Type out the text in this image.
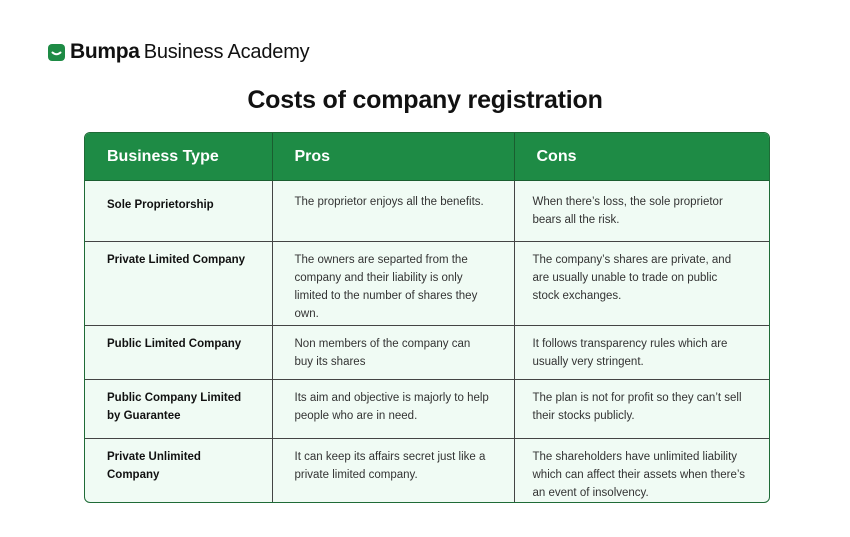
Bumpa Business Academy
Costs of company registration
Business Type	Pros	Cons
Sole Proprietorship	The proprietor enjoys all the benefits.	When there’s loss, the sole proprietor bears all the risk.
Private Limited Company	The owners are separted from the company and their liability is only limited to the number of shares they own.	The company’s shares are private, and are usually unable to trade on public stock exchanges.
Public Limited Company	Non members of the company can buy its shares	It follows transparency rules which are usually very stringent.
Public Company Limited by Guarantee	Its aim and objective is majorly to help people who are in need.	The plan is not for profit so they can’t sell their stocks publicly.
Private Unlimited Company	It can keep its affairs secret just like a private limited company.	The shareholders have unlimited liability which can affect their assets when there’s an event of insolvency.
